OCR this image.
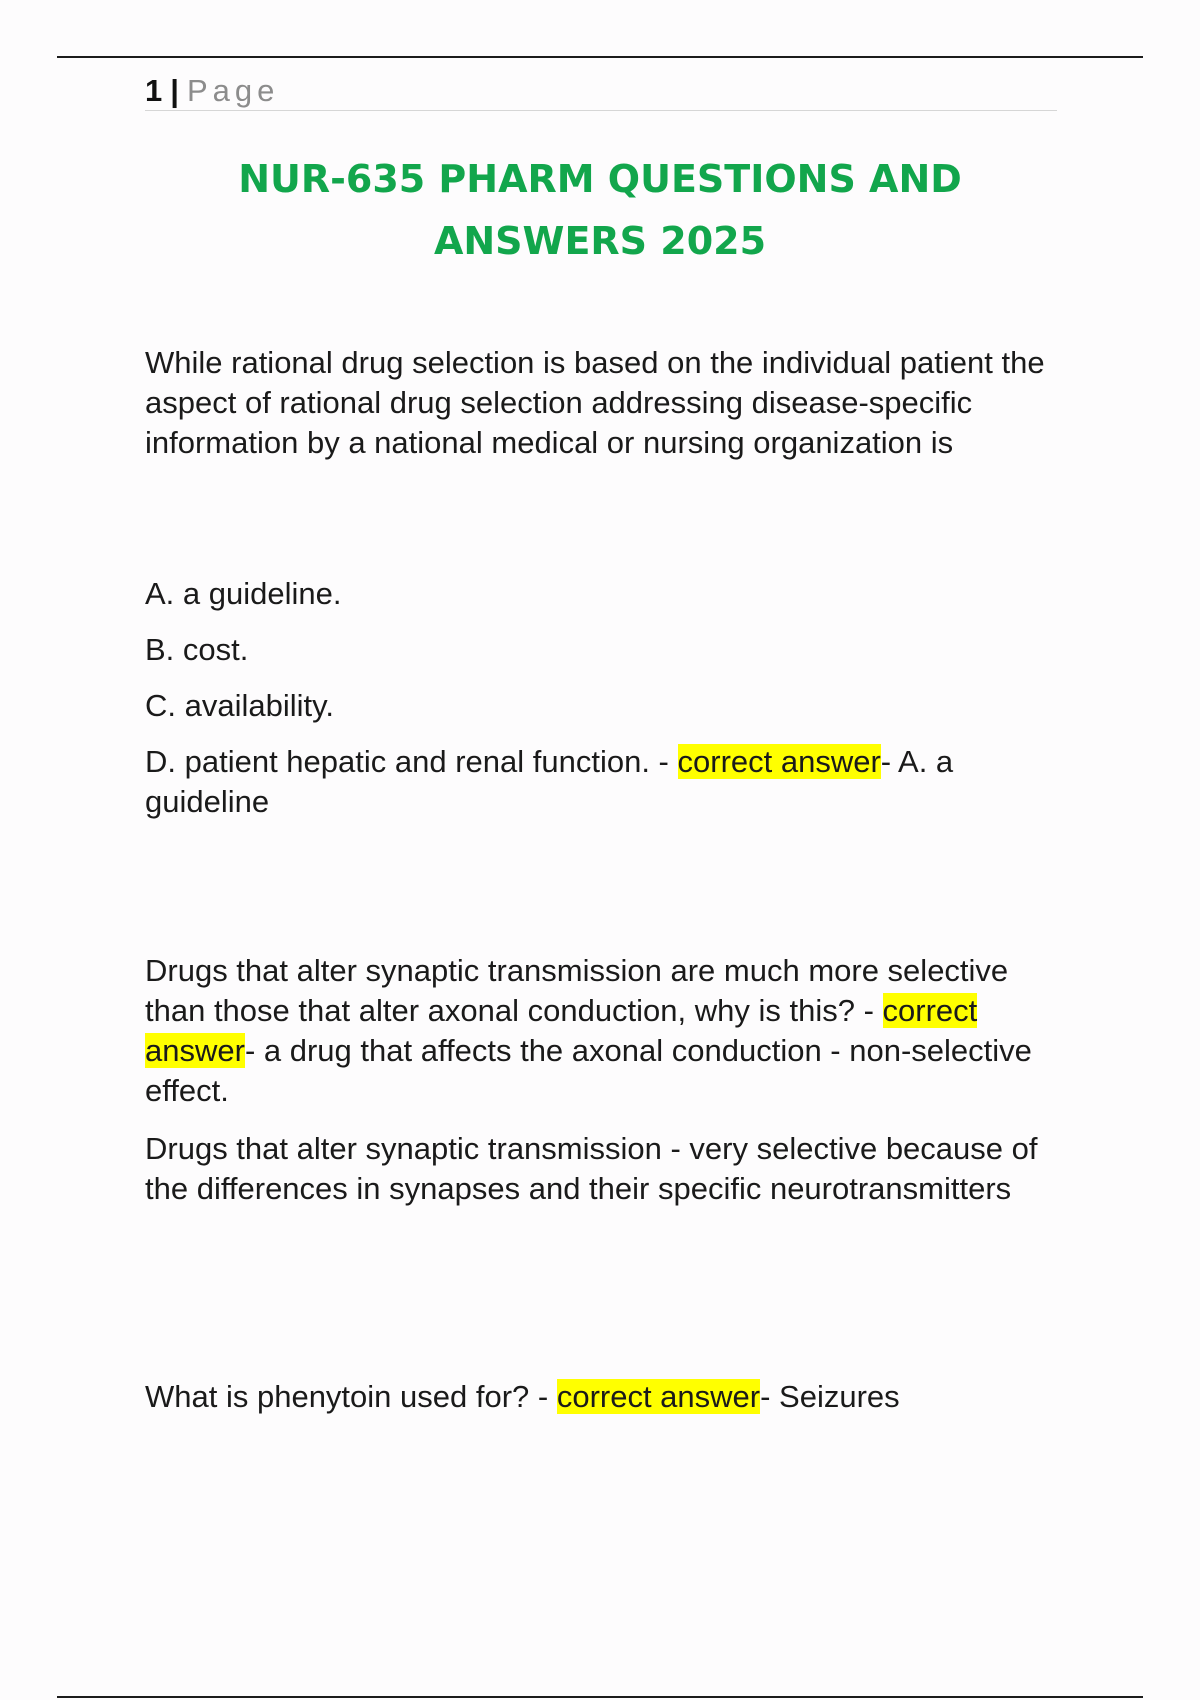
1 | Page
NUR-635 PHARM QUESTIONS AND
ANSWERS 2025
While rational drug selection is based on the individual patient the aspect of rational drug selection addressing disease-specific information by a national medical or nursing organization is
A. a guideline.
B. cost.
C. availability.
D. patient hepatic and renal function. - correct answer- A. a guideline
Drugs that alter synaptic transmission are much more selective than those that alter axonal conduction, why is this? - correct
answer- a drug that affects the axonal conduction - non-selective effect.
Drugs that alter synaptic transmission - very selective because of the differences in synapses and their specific neurotransmitters
What is phenytoin used for? - correct answer- Seizures
